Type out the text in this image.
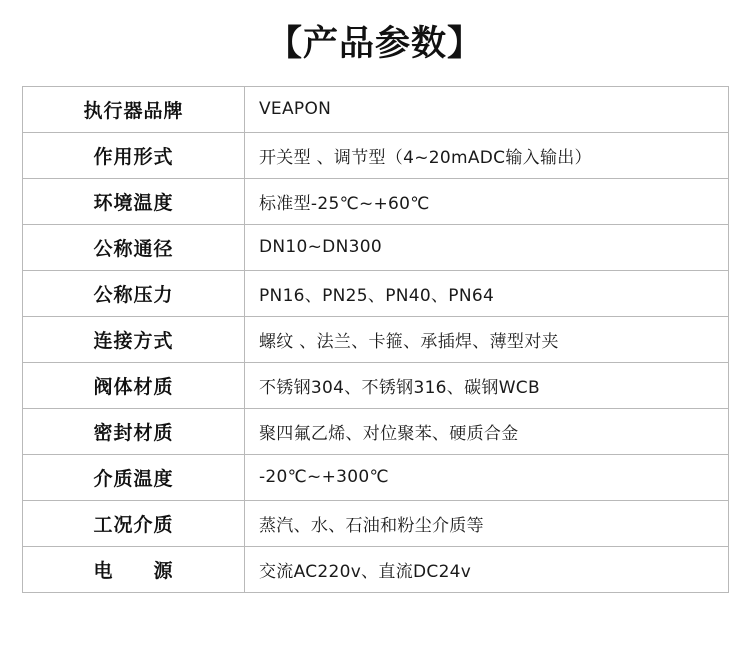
【产品参数】
执行器品牌	VEAPON
作用形式	开关型 、调节型（4~20mADC输入输出）
环境温度	标准型-25℃~+60℃
公称通径	DN10~DN300
公称压力	PN16、PN25、PN40、PN64
连接方式	螺纹 、法兰、卡箍、承插焊、薄型对夹
阀体材质	不锈钢304、不锈钢316、碳钢WCB
密封材质	聚四氟乙烯、对位聚苯、硬质合金
介质温度	-20℃~+300℃
工况介质	蒸汽、水、石油和粉尘介质等
电　　源	交流AC220v、直流DC24v
